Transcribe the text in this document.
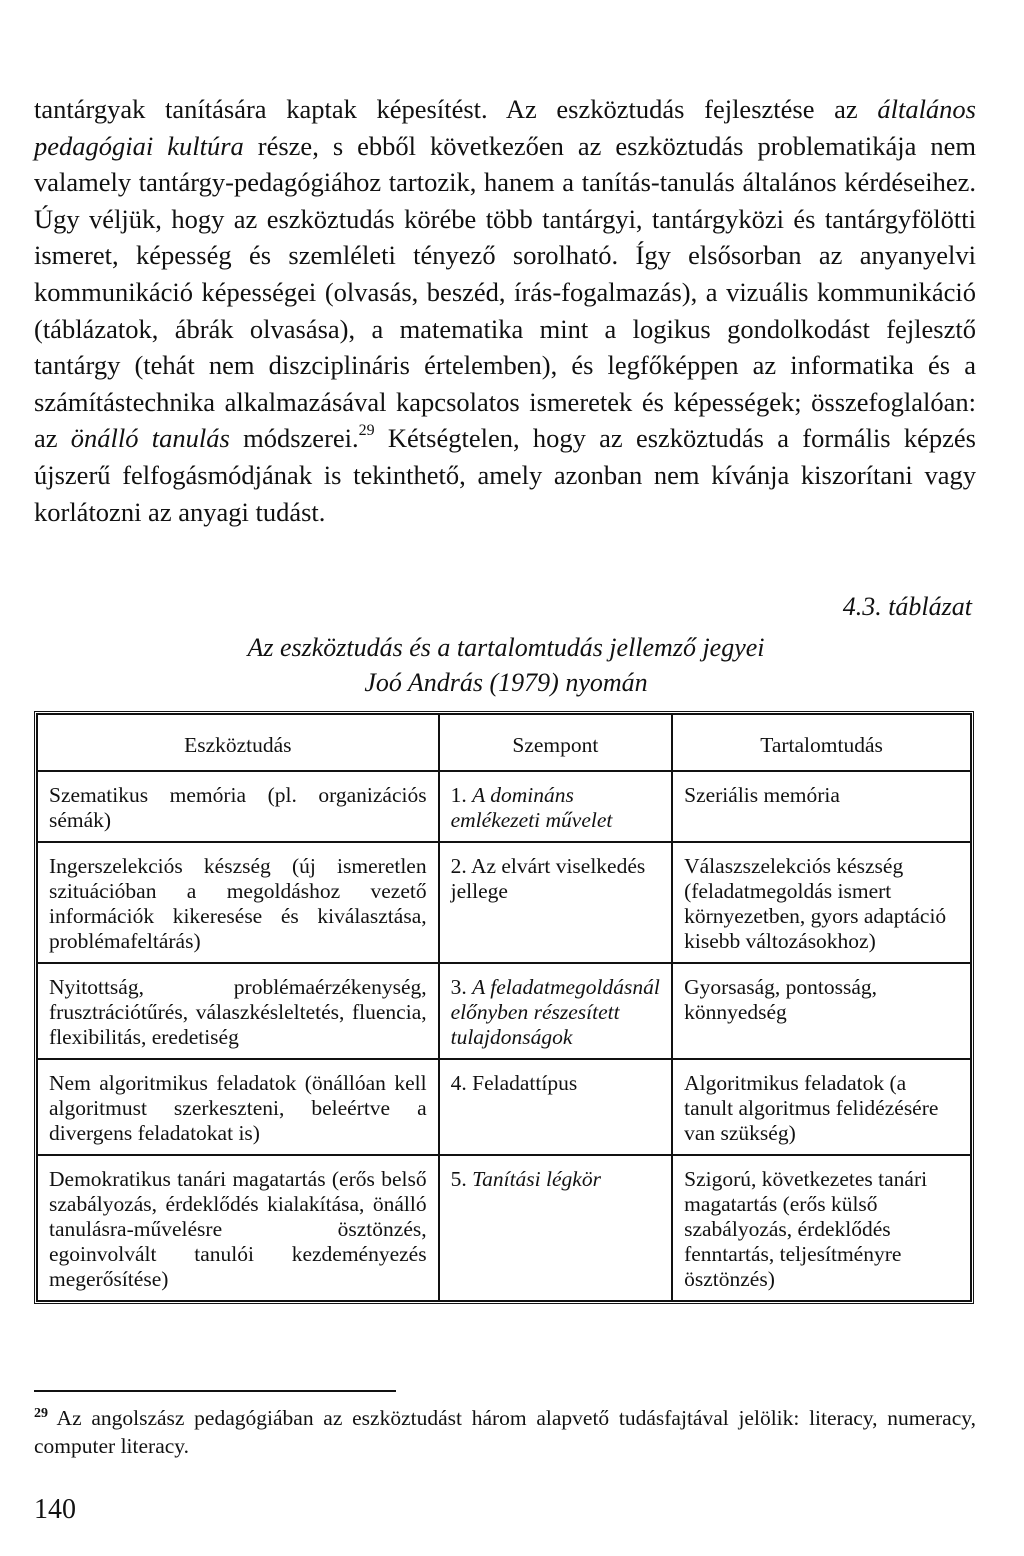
tantárgyak tanítására kaptak képesítést. Az eszköztudás fejlesztése az általános pedagógiai kultúra része, s ebből következően az eszköztudás problematikája nem valamely tantárgy-pedagógiához tartozik, hanem a tanítás-tanulás általános kérdéseihez. Úgy véljük, hogy az eszköztudás körébe több tantárgyi, tantárgyközi és tantárgyfölötti ismeret, képesség és szemléleti tényező sorolható. Így elsősorban az anyanyelvi kommunikáció képességei (olvasás, beszéd, írás-fogalmazás), a vizuális kommunikáció (táblázatok, ábrák olvasása), a matematika mint a logikus gondolkodást fejlesztő tantárgy (tehát nem diszciplináris értelemben), és legfőképpen az informatika és a számítástechnika alkalmazásával kapcsolatos ismeretek és képességek; összefoglalóan: az önálló tanulás módszerei.$^{29}$ Kétségtelen, hogy az eszköztudás a formális képzés újszerű felfogásmódjának is tekinthető, amely azonban nem kívánja kiszorítani vagy korlátozni az anyagi tudást.

4.3. táblázat
Az eszköztudás és a tartalomtudás jellemző jegyei
Joó András (1979) nyomán
Eszköztudás	Szempont	Tartalomtudás
Szematikus memória (pl. organizációs sémák)	1. A domináns emlékezeti művelet	Szeriális memória
Ingerszelekciós készség (új ismeretlen szituációban a megoldáshoz vezető információk kikeresése és kiválasztása, problémafeltárás)	2. Az elvárt viselkedés jellege	Válaszszelekciós készség (feladatmegoldás ismert környezetben, gyors adaptáció kisebb változásokhoz)
Nyitottság, problémaérzékenység, frusztrációtűrés, válaszkésleltetés, fluencia, flexibilitás, eredetiség	3. A feladatmegoldásnál előnyben részesített tulajdonságok	Gyorsaság, pontosság, könnyedség
Nem algoritmikus feladatok (önállóan kell algoritmust szerkeszteni, beleértve a divergens feladatokat is)	4. Feladattípus	Algoritmikus feladatok (a tanult algoritmus felidézésére van szükség)
Demokratikus tanári magatartás (erős belső szabályozás, érdeklődés kialakítása, önálló tanulásra-művelésre ösztönzés, egoinvolvált tanulói kezdeményezés megerősítése)	5. Tanítási légkör	Szigorú, következetes tanári magatartás (erős külső szabályozás, érdeklődés fenntartás, teljesítményre ösztönzés)

$^{29}$ Az angolszász pedagógiában az eszköztudást három alapvető tudásfajtával jelölik: literacy, numeracy, computer literacy.

140
